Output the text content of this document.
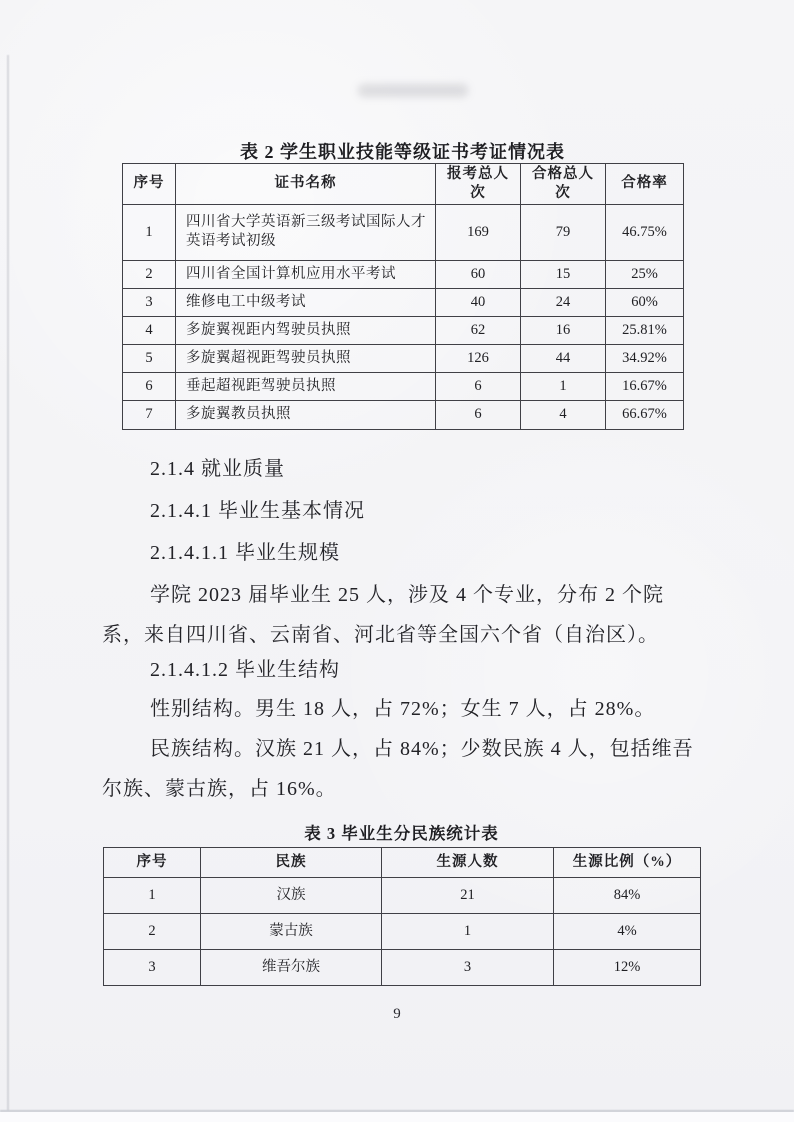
表 2 学生职业技能等级证书考证情况表
序号	证书名称	报考总人次	合格总人次	合格率
1	四川省大学英语新三级考试国际人才英语考试初级	169	79	46.75%
2	四川省全国计算机应用水平考试	60	15	25%
3	维修电工中级考试	40	24	60%
4	多旋翼视距内驾驶员执照	62	16	25.81%
5	多旋翼超视距驾驶员执照	126	44	34.92%
6	垂起超视距驾驶员执照	6	1	16.67%
7	多旋翼教员执照	6	4	66.67%
2.1.4 就业质量
2.1.4.1 毕业生基本情况
2.1.4.1.1 毕业生规模
学院 2023 届毕业生 25 人，涉及 4 个专业，分布 2 个院
系，来自四川省、云南省、河北省等全国六个省（自治区）。
2.1.4.1.2 毕业生结构
性别结构。男生 18 人，占 72%；女生 7 人，占 28%。
民族结构。汉族 21 人，占 84%；少数民族 4 人，包括维吾
尔族、蒙古族，占 16%。
表 3 毕业生分民族统计表
序号	民族	生源人数	生源比例（%）
1	汉族	21	84%
2	蒙古族	1	4%
3	维吾尔族	3	12%
9
